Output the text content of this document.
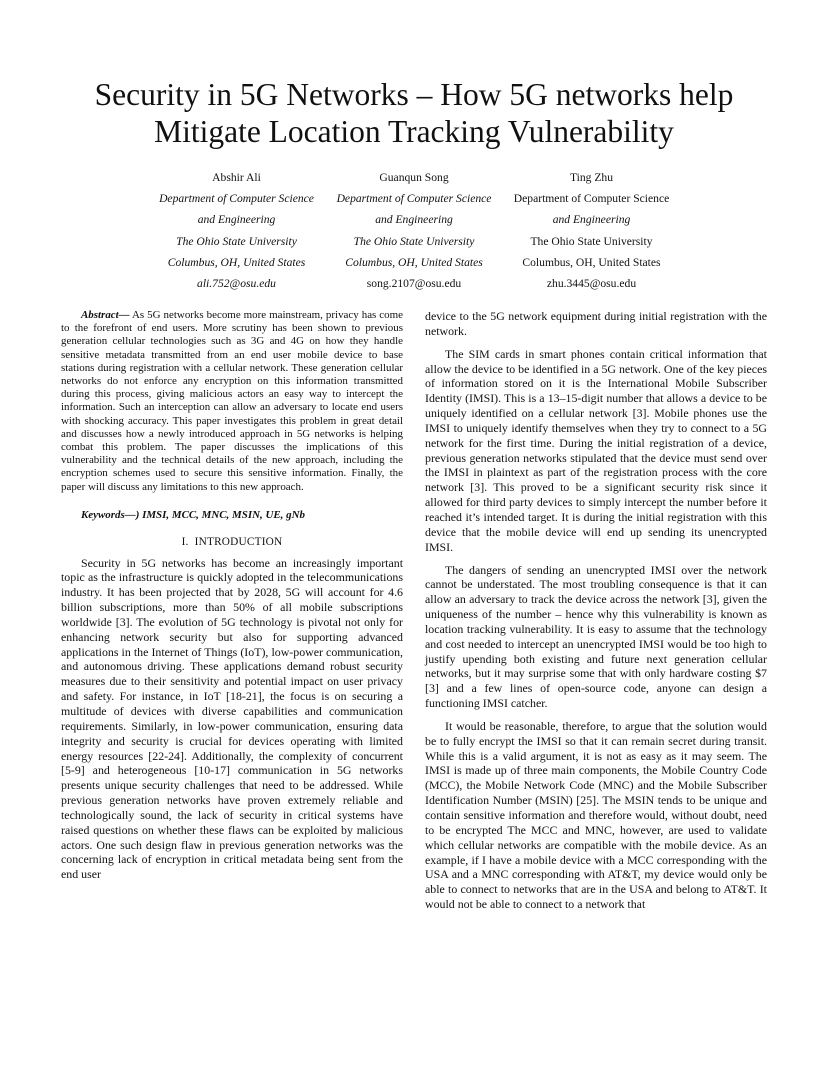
Security in 5G Networks – How 5G networks help
Mitigate Location Tracking Vulnerability
Abshir Ali
Department of Computer Science
and Engineering
The Ohio State University
Columbus, OH, United States
ali.752@osu.edu
Guanqun Song
Department of Computer Science
and Engineering
The Ohio State University
Columbus, OH, United States
song.2107@osu.edu
Ting Zhu
Department of Computer Science
and Engineering
The Ohio State University
Columbus, OH, United States
zhu.3445@osu.edu

Abstract— As 5G networks become more mainstream, privacy has come to the forefront of end users. More scrutiny has been shown to previous generation cellular technologies such as 3G and 4G on how they handle sensitive metadata transmitted from an end user mobile device to base stations during registration with a cellular network. These generation cellular networks do not enforce any encryption on this information transmitted during this process, giving malicious actors an easy way to intercept the information. Such an interception can allow an adversary to locate end users with shocking accuracy. This paper investigates this problem in great detail and discusses how a newly introduced approach in 5G networks is helping combat this problem. The paper discusses the implications of this vulnerability and the technical details of the new approach, including the encryption schemes used to secure this sensitive information. Finally, the paper will discuss any limitations to this new approach.

Keywords—) IMSI, MCC, MNC, MSIN, UE, gNb

I. INTRODUCTION

Security in 5G networks has become an increasingly important topic as the infrastructure is quickly adopted in the telecommunications industry. It has been projected that by 2028, 5G will account for 4.6 billion subscriptions, more than 50% of all mobile subscriptions worldwide [3]. The evolution of 5G technology is pivotal not only for enhancing network security but also for supporting advanced applications in the Internet of Things (IoT), low-power communication, and autonomous driving. These applications demand robust security measures due to their sensitivity and potential impact on user privacy and safety. For instance, in IoT [18-21], the focus is on securing a multitude of devices with diverse capabilities and communication requirements. Similarly, in low-power communication, ensuring data integrity and security is crucial for devices operating with limited energy resources [22-24]. Additionally, the complexity of concurrent [5-9] and heterogeneous [10-17] communication in 5G networks presents unique security challenges that need to be addressed. While previous generation networks have proven extremely reliable and technologically sound, the lack of security in critical systems have raised questions on whether these flaws can be exploited by malicious actors. One such design flaw in previous generation networks was the concerning lack of encryption in critical metadata being sent from the end user

device to the 5G network equipment during initial registration with the network.

The SIM cards in smart phones contain critical information that allow the device to be identified in a 5G network. One of the key pieces of information stored on it is the International Mobile Subscriber Identity (IMSI). This is a 13–15-digit number that allows a device to be uniquely identified on a cellular network [3]. Mobile phones use the IMSI to uniquely identify themselves when they try to connect to a 5G network for the first time. During the initial registration of a device, previous generation networks stipulated that the device must send over the IMSI in plaintext as part of the registration process with the core network [3]. This proved to be a significant security risk since it allowed for third party devices to simply intercept the number before it reached it’s intended target. It is during the initial registration with this device that the mobile device will end up sending its unencrypted IMSI.

The dangers of sending an unencrypted IMSI over the network cannot be understated. The most troubling consequence is that it can allow an adversary to track the device across the network [3], given the uniqueness of the number – hence why this vulnerability is known as location tracking vulnerability. It is easy to assume that the technology and cost needed to intercept an unencrypted IMSI would be too high to justify upending both existing and future next generation cellular networks, but it may surprise some that with only hardware costing $7 [3] and a few lines of open-source code, anyone can design a functioning IMSI catcher.

It would be reasonable, therefore, to argue that the solution would be to fully encrypt the IMSI so that it can remain secret during transit. While this is a valid argument, it is not as easy as it may seem. The IMSI is made up of three main components, the Mobile Country Code (MCC), the Mobile Network Code (MNC) and the Mobile Subscriber Identification Number (MSIN) [25]. The MSIN tends to be unique and contain sensitive information and therefore would, without doubt, need to be encrypted The MCC and MNC, however, are used to validate which cellular networks are compatible with the mobile device. As an example, if I have a mobile device with a MCC corresponding with the USA and a MNC corresponding with AT&T, my device would only be able to connect to networks that are in the USA and belong to AT&T. It would not be able to connect to a network that
